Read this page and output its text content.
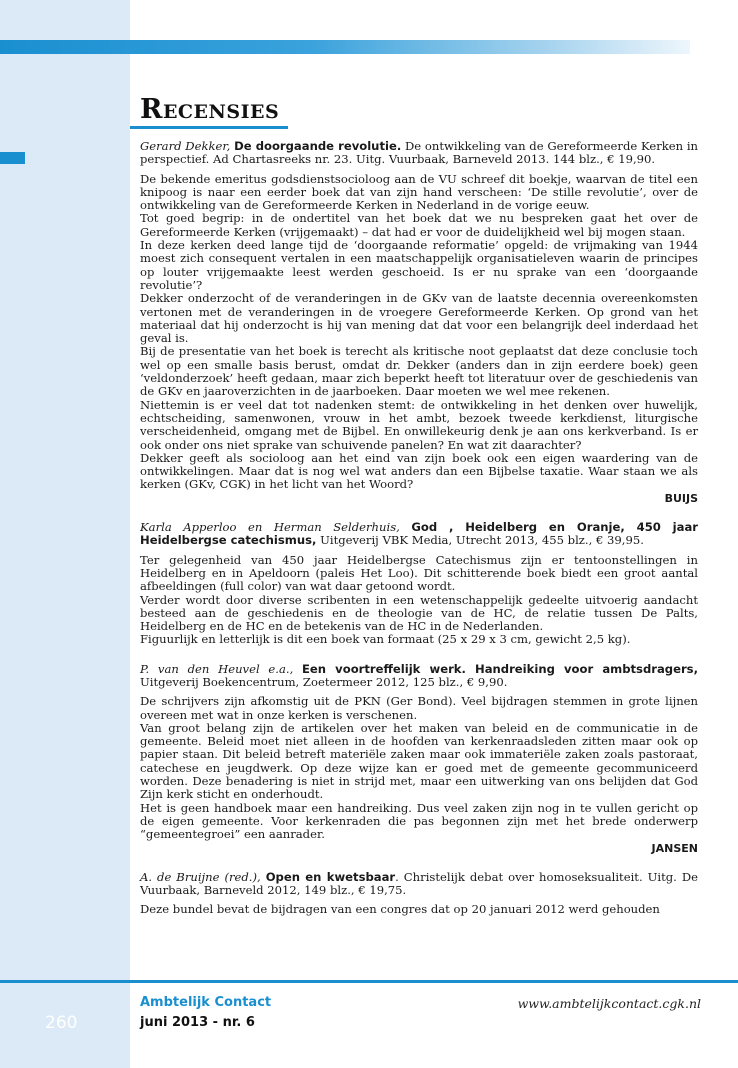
Recensies

Gerard Dekker, De doorgaande revolutie. De ontwikkeling van de Gereformeerde Kerken in perspectief. Ad Chartasreeks nr. 23. Uitg. Vuurbaak, Barneveld 2013. 144 blz., € 19,90.

De bekende emeritus godsdienstsocioloog aan de VU schreef dit boekje, waarvan de titel een knipoog is naar een eerder boek dat van zijn hand verscheen: ‘De stille revolutie’, over de ontwikkeling van de Gereformeerde Kerken in Nederland in de vorige eeuw.

Tot goed begrip: in de ondertitel van het boek dat we nu bespreken gaat het over de Gereformeerde Kerken (vrijgemaakt) – dat had er voor de duidelijkheid wel bij mogen staan.

In deze kerken deed lange tijd de ‘doorgaande reformatie’ opgeld: de vrijmaking van 1944 moest zich consequent vertalen in een maatschappelijk organisatieleven waarin de principes op louter vrijgemaakte leest werden geschoeid. Is er nu sprake van een ‘doorgaande revolutie’?

Dekker onderzocht of de veranderingen in de GKv van de laatste decennia overeenkomsten vertonen met de veranderingen in de vroegere Gereformeerde Kerken. Op grond van het materiaal dat hij onderzocht is hij van mening dat dat voor een belangrijk deel inderdaad het geval is.

Bij de presentatie van het boek is terecht als kritische noot geplaatst dat deze conclusie toch wel op een smalle basis berust, omdat dr. Dekker (anders dan in zijn eerdere boek) geen ‘veldonderzoek’ heeft gedaan, maar zich beperkt heeft tot literatuur over de geschiedenis van de GKv en jaaroverzichten in de jaarboeken. Daar moeten we wel mee rekenen.

Niettemin is er veel dat tot nadenken stemt: de ontwikkeling in het denken over huwelijk, echtscheiding, samenwonen, vrouw in het ambt, bezoek tweede kerkdienst, liturgische verscheidenheid, omgang met de Bijbel. En onwillekeurig denk je aan ons kerkverband. Is er ook onder ons niet sprake van schuivende panelen? En wat zit daarachter?

Dekker geeft als socioloog aan het eind van zijn boek ook een eigen waardering van de ontwikkelingen. Maar dat is nog wel wat anders dan een Bijbelse taxatie. Waar staan we als kerken (GKv, CGK) in het licht van het Woord?

BUIJS

Karla Apperloo en Herman Selderhuis, God , Heidelberg en Oranje, 450 jaar Heidelbergse catechismus, Uitgeverij VBK Media, Utrecht 2013, 455 blz., € 39,95.

Ter gelegenheid van 450 jaar Heidelbergse Catechismus zijn er tentoonstellingen in Heidelberg en in Apeldoorn (paleis Het Loo). Dit schitterende boek biedt een groot aantal afbeeldingen (full color) van wat daar getoond wordt.

Verder wordt door diverse scribenten in een wetenschappelijk gedeelte uitvoerig aandacht besteed aan de geschiedenis en de theologie van de HC, de relatie tussen De Palts, Heidelberg en de HC en de betekenis van de HC in de Nederlanden.

Figuurlijk en letterlijk is dit een boek van formaat (25 x 29 x 3 cm, gewicht 2,5 kg).

P. van den Heuvel e.a., Een voortreffelijk werk. Handreiking voor ambtsdragers, Uitgeverij Boekencentrum, Zoetermeer 2012, 125 blz., € 9,90.

De schrijvers zijn afkomstig uit de PKN (Ger Bond). Veel bijdragen stemmen in grote lijnen overeen met wat in onze kerken is verschenen.

Van groot belang zijn de artikelen over het maken van beleid en de communicatie in de gemeente. Beleid moet niet alleen in de hoofden van kerkenraadsleden zitten maar ook op papier staan. Dit beleid betreft materiële zaken maar ook immateriële zaken zoals pastoraat, catechese en jeugdwerk. Op deze wijze kan er goed met de gemeente gecommuniceerd worden. Deze benadering is niet in strijd met, maar een uitwerking van ons belijden dat God Zijn kerk sticht en onderhoudt.

Het is geen handboek maar een handreiking. Dus veel zaken zijn nog in te vullen gericht op de eigen gemeente. Voor kerkenraden die pas begonnen zijn met het brede onderwerp “gemeentegroei” een aanrader.

JANSEN

A. de Bruijne (red.), Open en kwetsbaar. Christelijk debat over homoseksualiteit. Uitg. De Vuurbaak, Barneveld 2012, 149 blz., € 19,75.

Deze bundel bevat de bijdragen van een congres dat op 20 januari 2012 werd gehouden

260
Ambtelijk Contact
juni 2013 - nr. 6
www.ambtelijkcontact.cgk.nl
